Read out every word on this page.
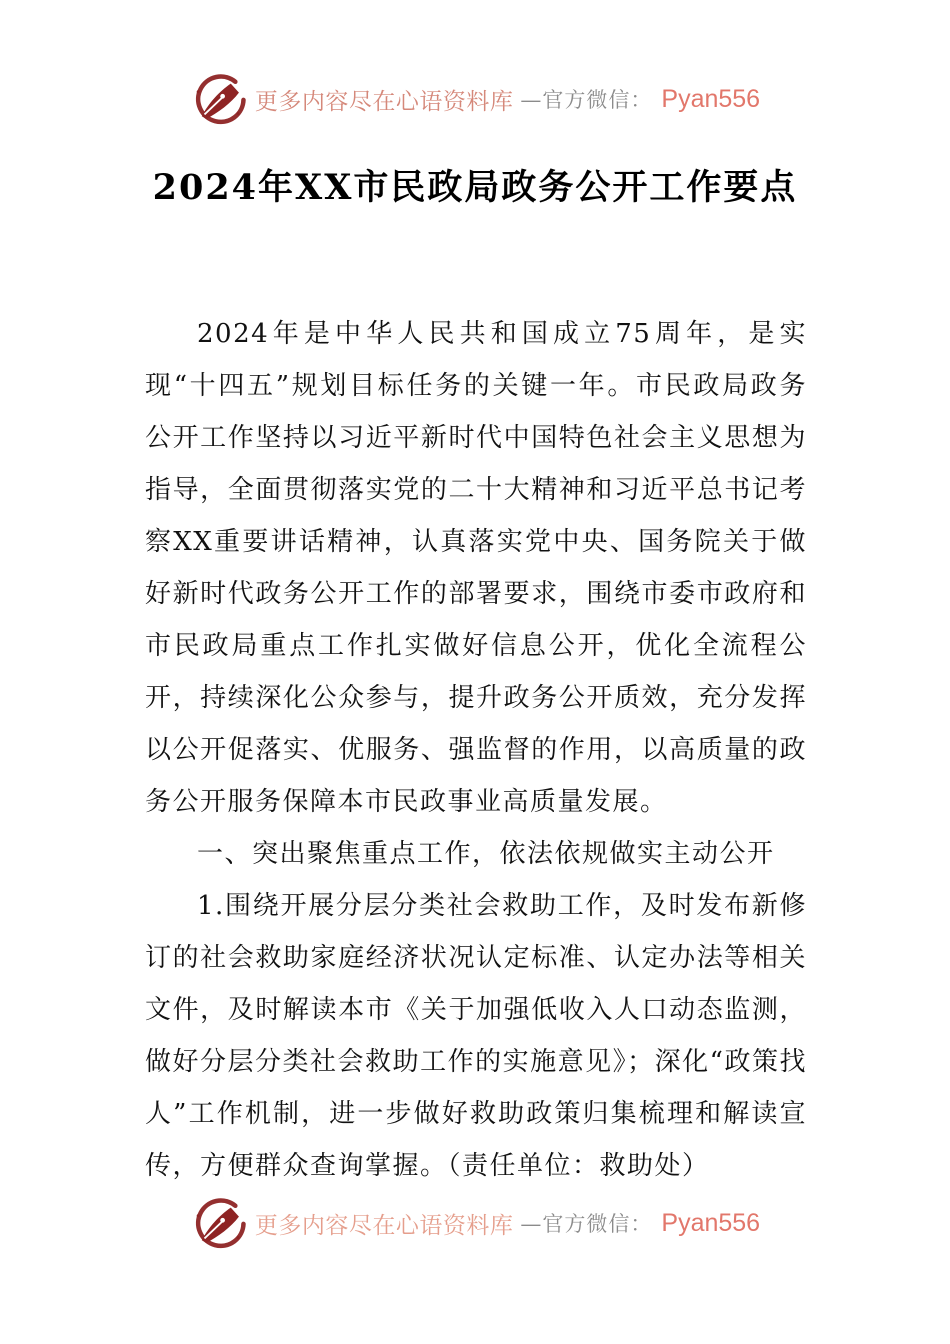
更多内容尽在心语资料库 —官方微信： Pyan556
2024年XX市民政局政务公开工作要点

2024年是中华人民共和国成立75周年，是实现“十四五”规划目标任务的关键一年。市民政局政务公开工作坚持以习近平新时代中国特色社会主义思想为指导，全面贯彻落实党的二十大精神和习近平总书记考察XX重要讲话精神，认真落实党中央、国务院关于做好新时代政务公开工作的部署要求，围绕市委市政府和市民政局重点工作扎实做好信息公开，优化全流程公开，持续深化公众参与，提升政务公开质效，充分发挥以公开促落实、优服务、强监督的作用，以高质量的政务公开服务保障本市民政事业高质量发展。

一、突出聚焦重点工作，依法依规做实主动公开

1.围绕开展分层分类社会救助工作，及时发布新修订的社会救助家庭经济状况认定标准、认定办法等相关文件，及时解读本市《关于加强低收入人口动态监测，做好分层分类社会救助工作的实施意见》；深化“政策找人”工作机制，进一步做好救助政策归集梳理和解读宣传，方便群众查询掌握。（责任单位：救助处）

更多内容尽在心语资料库 —官方微信： Pyan556
